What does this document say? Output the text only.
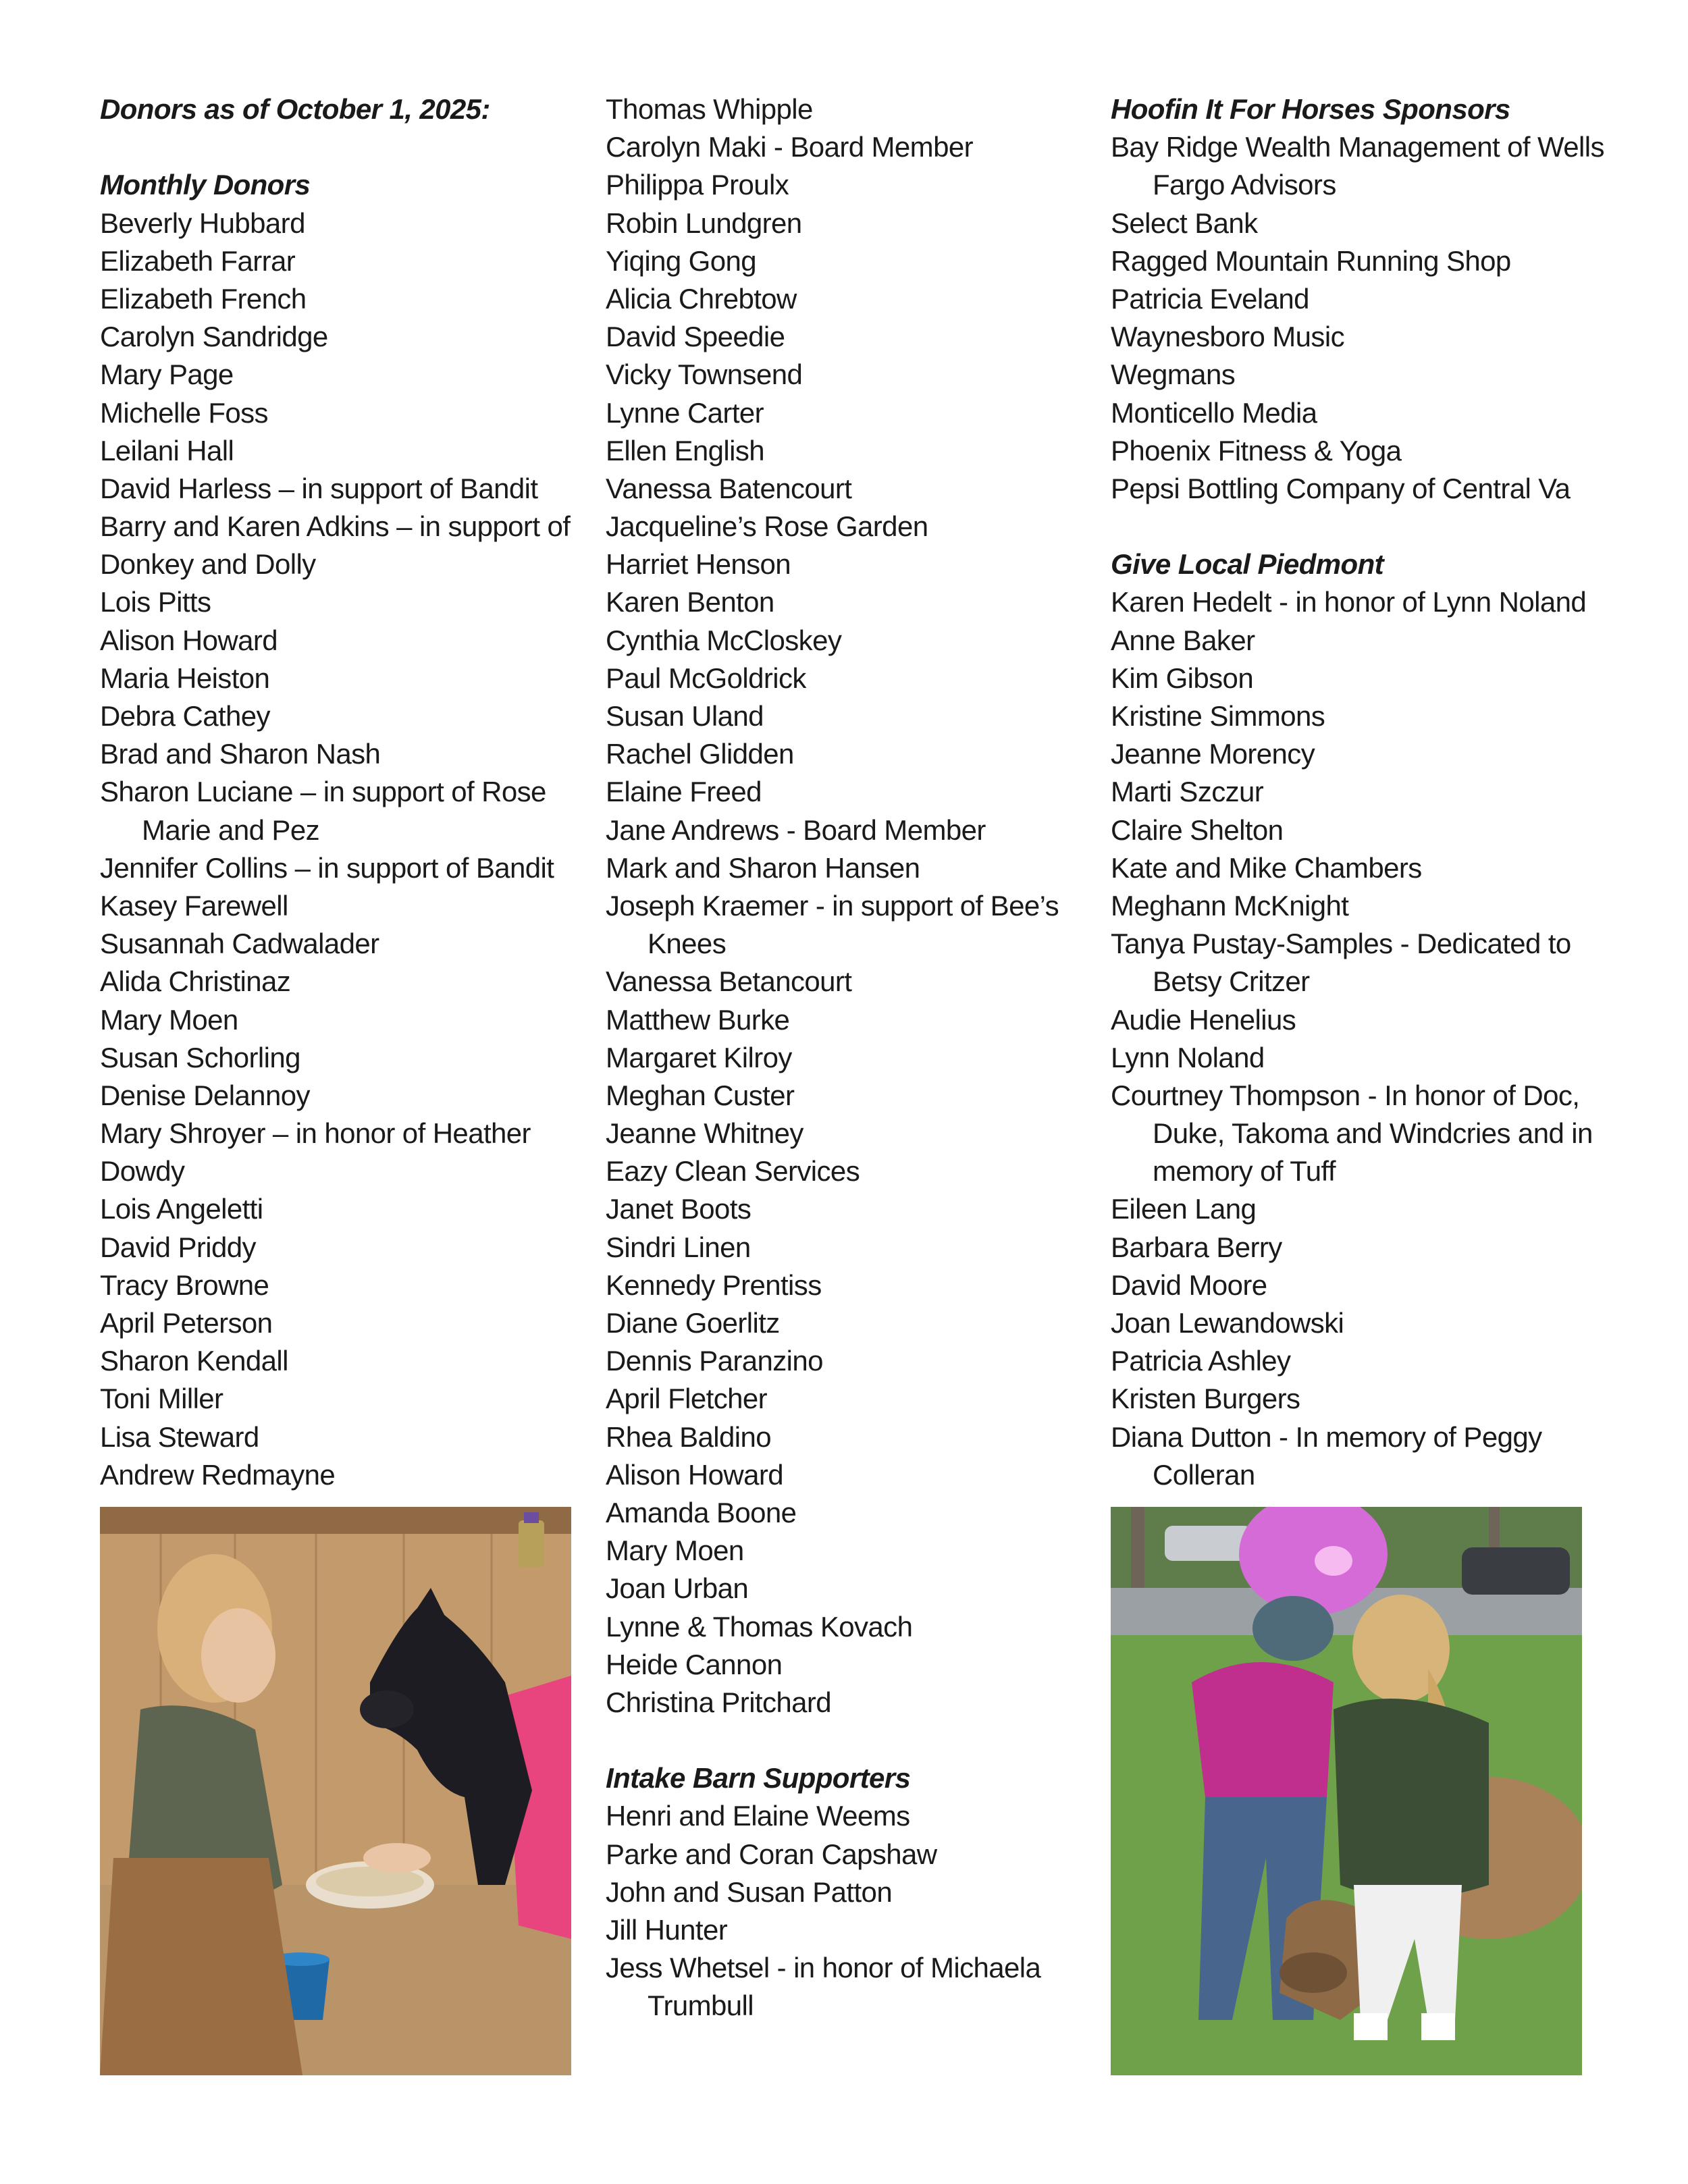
Donors as of October 1, 2025:
Monthly Donors
Beverly Hubbard
Elizabeth Farrar
Elizabeth French
Carolyn Sandridge
Mary Page
Michelle Foss
Leilani Hall
David Harless – in support of Bandit
Barry and Karen Adkins – in support of
Donkey and Dolly
Lois Pitts
Alison Howard
Maria Heiston
Debra Cathey
Brad and Sharon Nash
Sharon Luciane – in support of Rose
Marie and Pez
Jennifer Collins – in support of Bandit
Kasey Farewell
Susannah Cadwalader
Alida Christinaz
Mary Moen
Susan Schorling
Denise Delannoy
Mary Shroyer – in honor of Heather
Dowdy
Lois Angeletti
David Priddy
Tracy Browne
April Peterson
Sharon Kendall
Toni Miller
Lisa Steward
Andrew Redmayne
Thomas Whipple
Carolyn Maki - Board Member
Philippa Proulx
Robin Lundgren
Yiqing Gong
Alicia Chrebtow
David Speedie
Vicky Townsend
Lynne Carter
Ellen English
Vanessa Batencourt
Jacqueline’s Rose Garden
Harriet Henson
Karen Benton
Cynthia McCloskey
Paul McGoldrick
Susan Uland
Rachel Glidden
Elaine Freed
Jane Andrews - Board Member
Mark and Sharon Hansen
Joseph Kraemer - in support of Bee’s
Knees
Vanessa Betancourt
Matthew Burke
Margaret Kilroy
Meghan Custer
Jeanne Whitney
Eazy Clean Services
Janet Boots
Sindri Linen
Kennedy Prentiss
Diane Goerlitz
Dennis Paranzino
April Fletcher
Rhea Baldino
Alison Howard
Amanda Boone
Mary Moen
Joan Urban
Lynne & Thomas Kovach
Heide Cannon
Christina Pritchard
Intake Barn Supporters
Henri and Elaine Weems
Parke and Coran Capshaw
John and Susan Patton
Jill Hunter
Jess Whetsel - in honor of Michaela
Trumbull
Hoofin It For Horses Sponsors
Bay Ridge Wealth Management of Wells
Fargo Advisors
Select Bank
Ragged Mountain Running Shop
Patricia Eveland
Waynesboro Music
Wegmans
Monticello Media
Phoenix Fitness & Yoga
Pepsi Bottling Company of Central Va
Give Local Piedmont
Karen Hedelt - in honor of Lynn Noland
Anne Baker
Kim Gibson
Kristine Simmons
Jeanne Morency
Marti Szczur
Claire Shelton
Kate and Mike Chambers
Meghann McKnight
Tanya Pustay-Samples - Dedicated to
Betsy Critzer
Audie Henelius
Lynn Noland
Courtney Thompson - In honor of Doc,
Duke, Takoma and Windcries and in
memory of Tuff
Eileen Lang
Barbara Berry
David Moore
Joan Lewandowski
Patricia Ashley
Kristen Burgers
Diana Dutton - In memory of Peggy
Colleran
